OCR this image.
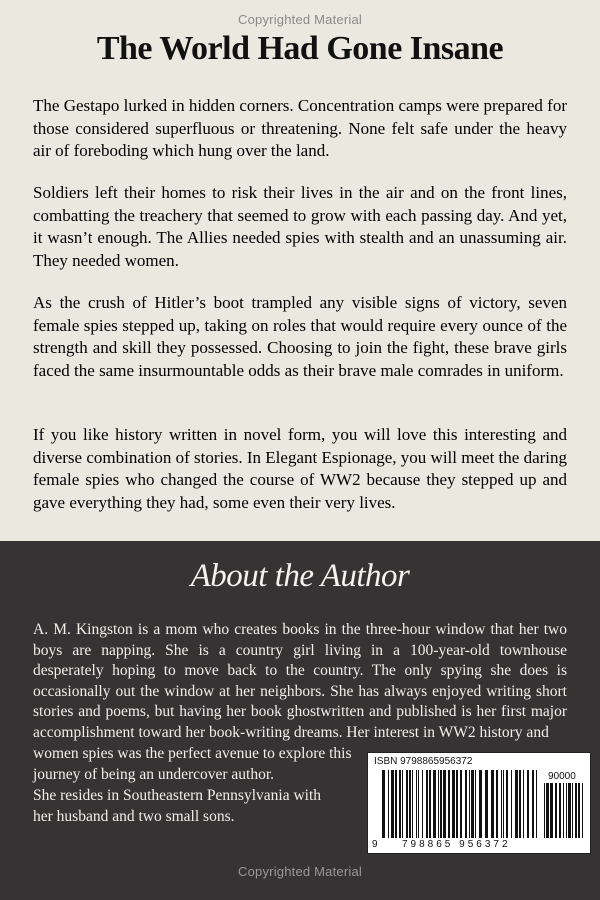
Copyrighted Material
The World Had Gone Insane

The Gestapo lurked in hidden corners. Concentration camps were prepared for those considered superfluous or threatening. None felt safe under the heavy air of foreboding which hung over the land.

Soldiers left their homes to risk their lives in the air and on the front lines, combatting the treachery that seemed to grow with each passing day. And yet, it wasn’t enough. The Allies needed spies with stealth and an unassuming air. They needed women.

As the crush of Hitler’s boot trampled any visible signs of victory, seven female spies stepped up, taking on roles that would require every ounce of the strength and skill they possessed. Choosing to join the fight, these brave girls faced the same insurmountable odds as their brave male comrades in uniform.

If you like history written in novel form, you will love this interesting and diverse combination of stories. In Elegant Espionage, you will meet the daring female spies who changed the course of WW2 because they stepped up and gave everything they had, some even their very lives.

About the Author

A. M. Kingston is a mom who creates books in the three-hour window that her two boys are napping. She is a country girl living in a 100-year-old townhouse desperately hoping to move back to the country. The only spying she does is occasionally out the window at her neighbors. She has always enjoyed writing short stories and poems, but having her book ghostwritten and published is her first major accomplishment toward her book-writing dreams. Her interest in WW2 history and

women spies was the perfect avenue to explore this

journey of being an undercover author.

She resides in Southeastern Pennsylvania with

her husband and two small sons.

ISBN 9798865956372
90000
9 798865 956372
Copyrighted Material
